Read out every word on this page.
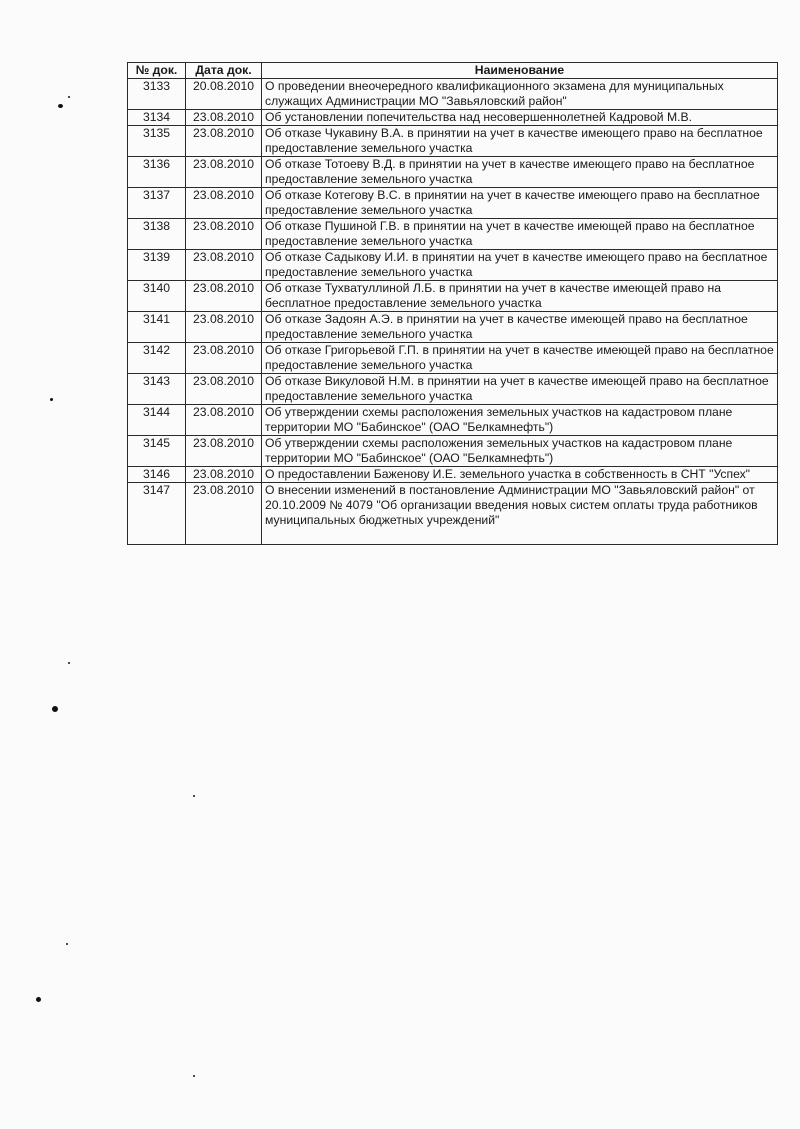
№ док.	Дата док.	Наименование
3133	20.08.2010	О проведении внеочередного квалификационного экзамена для муниципальных служащих Администрации МО "Завьяловский район"
3134	23.08.2010	Об установлении попечительства над несовершеннолетней Кадровой М.В.
3135	23.08.2010	Об отказе Чукавину В.А. в принятии на учет в качестве имеющего право на бесплатное предоставление земельного участка
3136	23.08.2010	Об отказе Тотоеву В.Д. в принятии на учет в качестве имеющего право на бесплатное предоставление земельного участка
3137	23.08.2010	Об отказе Котегову В.С. в принятии на учет в качестве имеющего право на бесплатное предоставление земельного участка
3138	23.08.2010	Об отказе Пушиной Г.В. в принятии на учет в качестве имеющей право на бесплатное предоставление земельного участка
3139	23.08.2010	Об отказе Садыкову И.И. в принятии на учет в качестве имеющего право на бесплатное предоставление земельного участка
3140	23.08.2010	Об отказе Тухватуллиной Л.Б. в принятии на учет в качестве имеющей право на бесплатное предоставление земельного участка
3141	23.08.2010	Об отказе Задоян А.Э. в принятии на учет в качестве имеющей право на бесплатное предоставление земельного участка
3142	23.08.2010	Об отказе Григорьевой Г.П. в принятии на учет в качестве имеющей право на бесплатное предоставление земельного участка
3143	23.08.2010	Об отказе Викуловой Н.М. в принятии на учет в качестве имеющей право на бесплатное предоставление земельного участка
3144	23.08.2010	Об утверждении схемы расположения земельных участков на кадастровом плане территории МО "Бабинское" (ОАО "Белкамнефть")
3145	23.08.2010	Об утверждении схемы расположения земельных участков на кадастровом плане территории МО "Бабинское" (ОАО "Белкамнефть")
3146	23.08.2010	О предоставлении Баженову И.Е. земельного участка в собственность в СНТ "Успех"
3147	23.08.2010	О внесении изменений в постановление Администрации МО "Завьяловский район" от 20.10.2009 № 4079 "Об организации введения новых систем оплаты труда работников муниципальных бюджетных учреждений"
